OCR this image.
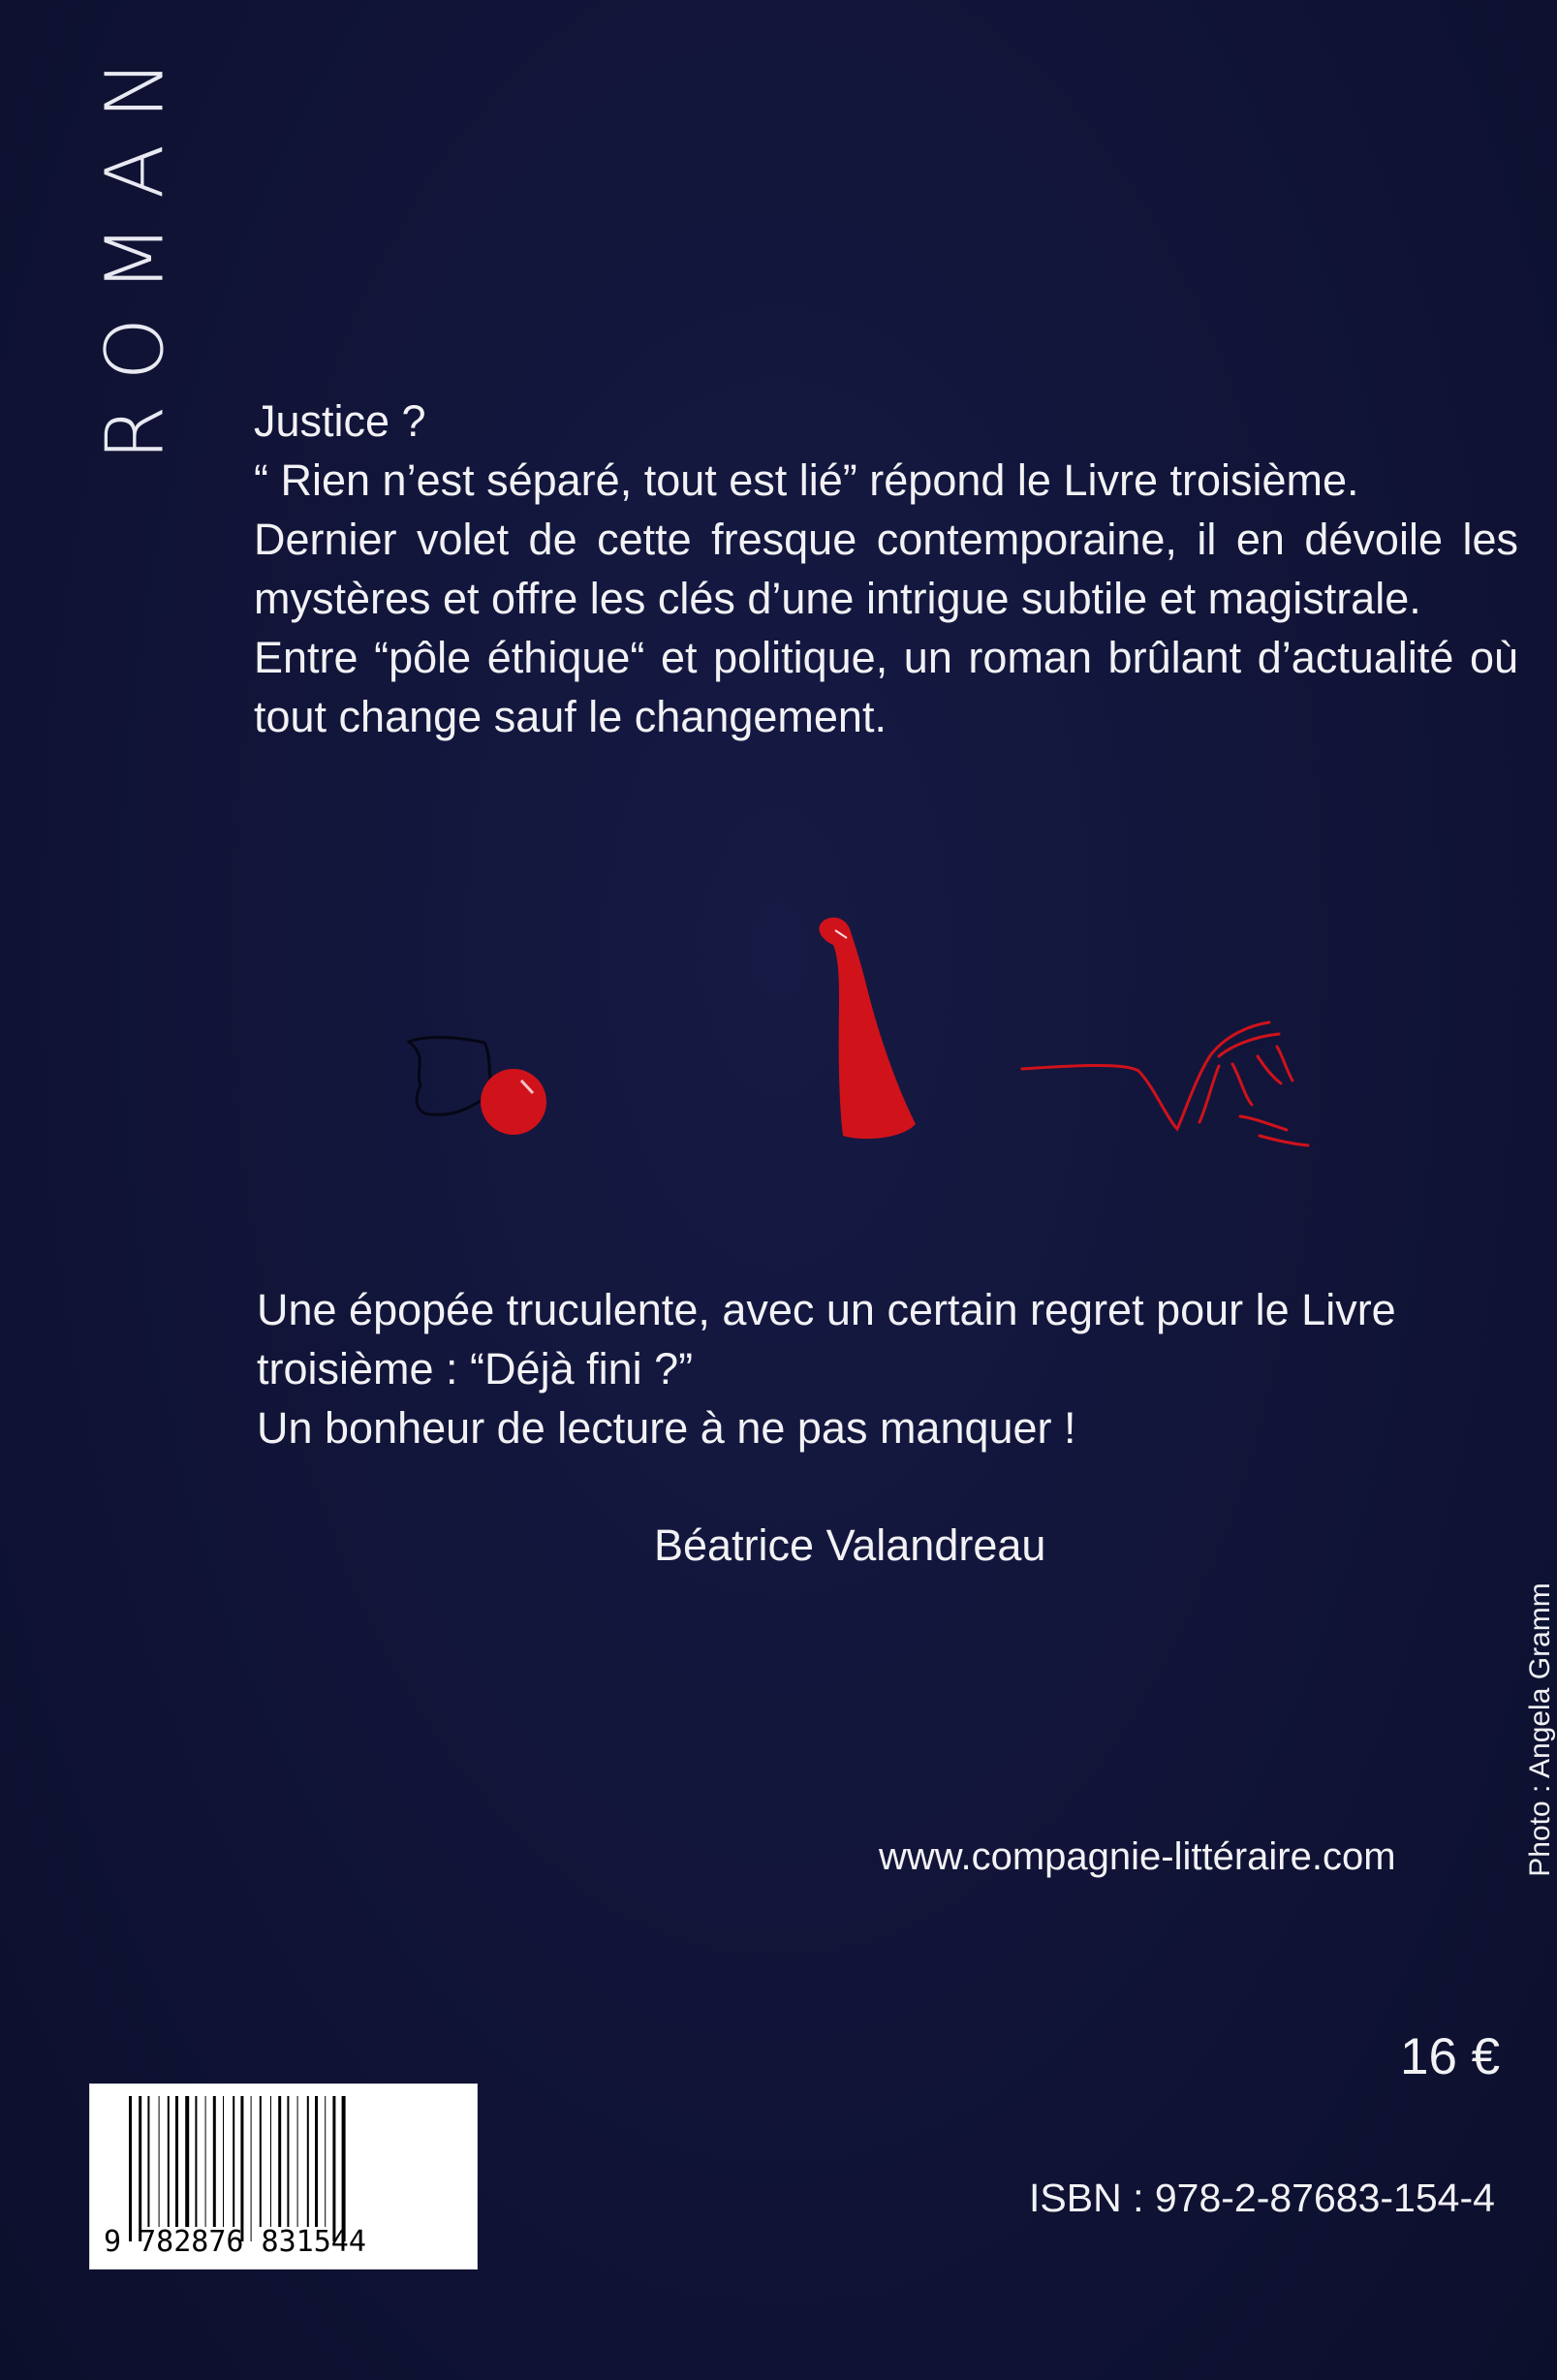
ROMAN Justice ?

“ Rien n’est séparé, tout est lié” répond le Livre troisième.

Dernier volet de cette fresque contemporaine, il en dévoile les mystères et offre les clés d’une intrigue subtile et magistrale.

Entre “pôle éthique“ et politique, un roman brûlant d’actualité où tout change sauf le changement.

Une épopée truculente, avec un certain regret pour le Livre troisième : “Déjà fini ?”

Un bonheur de lecture à ne pas manquer !

Béatrice Valandreau
www.compagnie-littéraire.com	Photo : Angela Gramm
16 €
9 782876 831544
ISBN : 978-2-87683-154-4
